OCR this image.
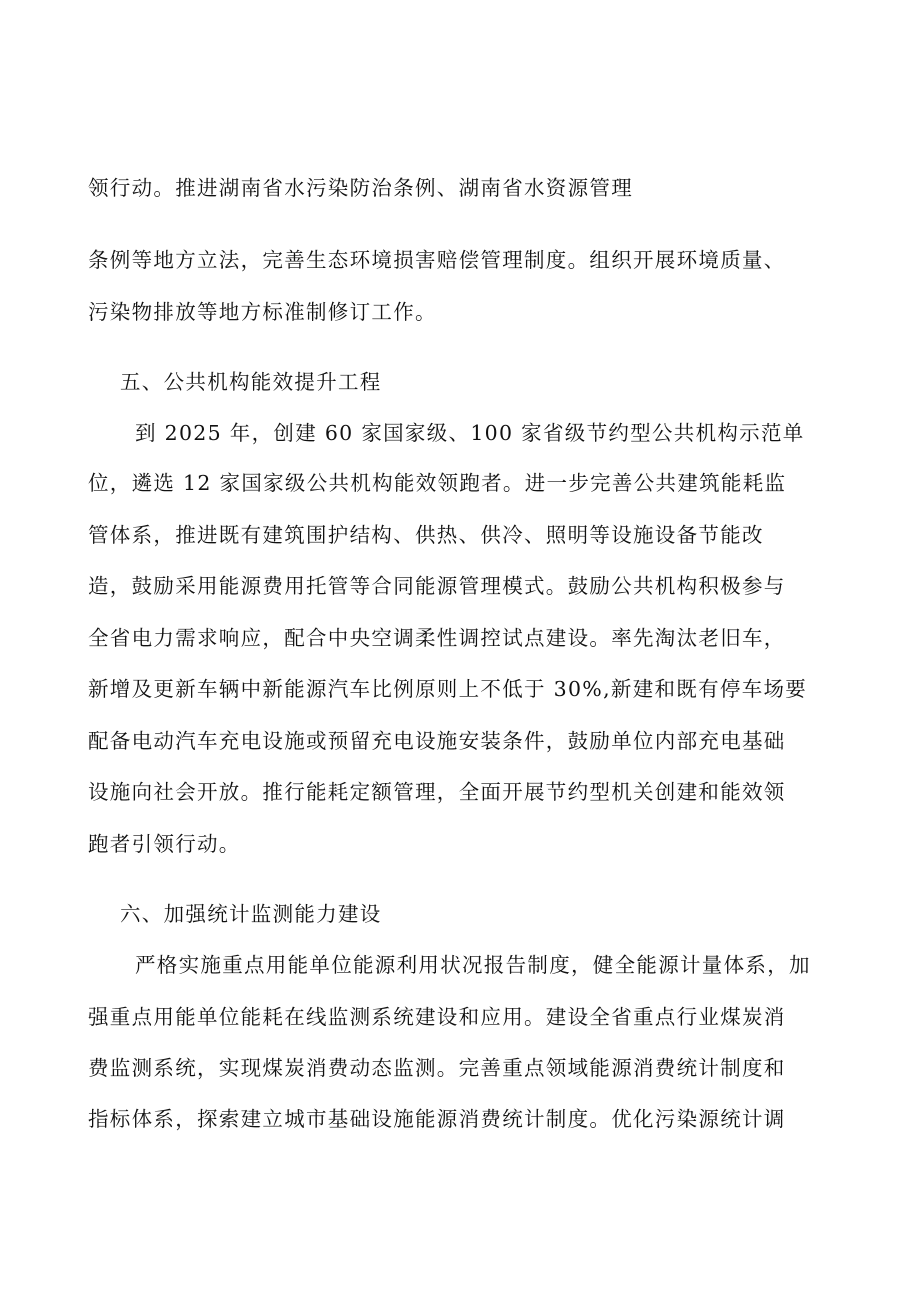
领行动。推进湖南省水污染防治条例、湖南省水资源管理
条例等地方立法，完善生态环境损害赔偿管理制度。组织开展环境质量、
污染物排放等地方标准制修订工作。
五、公共机构能效提升工程
到 2025 年，创建 60 家国家级、100 家省级节约型公共机构示范单
位，遴选 12 家国家级公共机构能效领跑者。进一步完善公共建筑能耗监
管体系，推进既有建筑围护结构、供热、供冷、照明等设施设备节能改
造，鼓励采用能源费用托管等合同能源管理模式。鼓励公共机构积极参与
全省电力需求响应，配合中央空调柔性调控试点建设。率先淘汰老旧车，
新增及更新车辆中新能源汽车比例原则上不低于 30%,新建和既有停车场要
配备电动汽车充电设施或预留充电设施安装条件，鼓励单位内部充电基础
设施向社会开放。推行能耗定额管理，全面开展节约型机关创建和能效领
跑者引领行动。
六、加强统计监测能力建设
严格实施重点用能单位能源利用状况报告制度，健全能源计量体系，加
强重点用能单位能耗在线监测系统建设和应用。建设全省重点行业煤炭消
费监测系统，实现煤炭消费动态监测。完善重点领域能源消费统计制度和
指标体系，探索建立城市基础设施能源消费统计制度。优化污染源统计调
